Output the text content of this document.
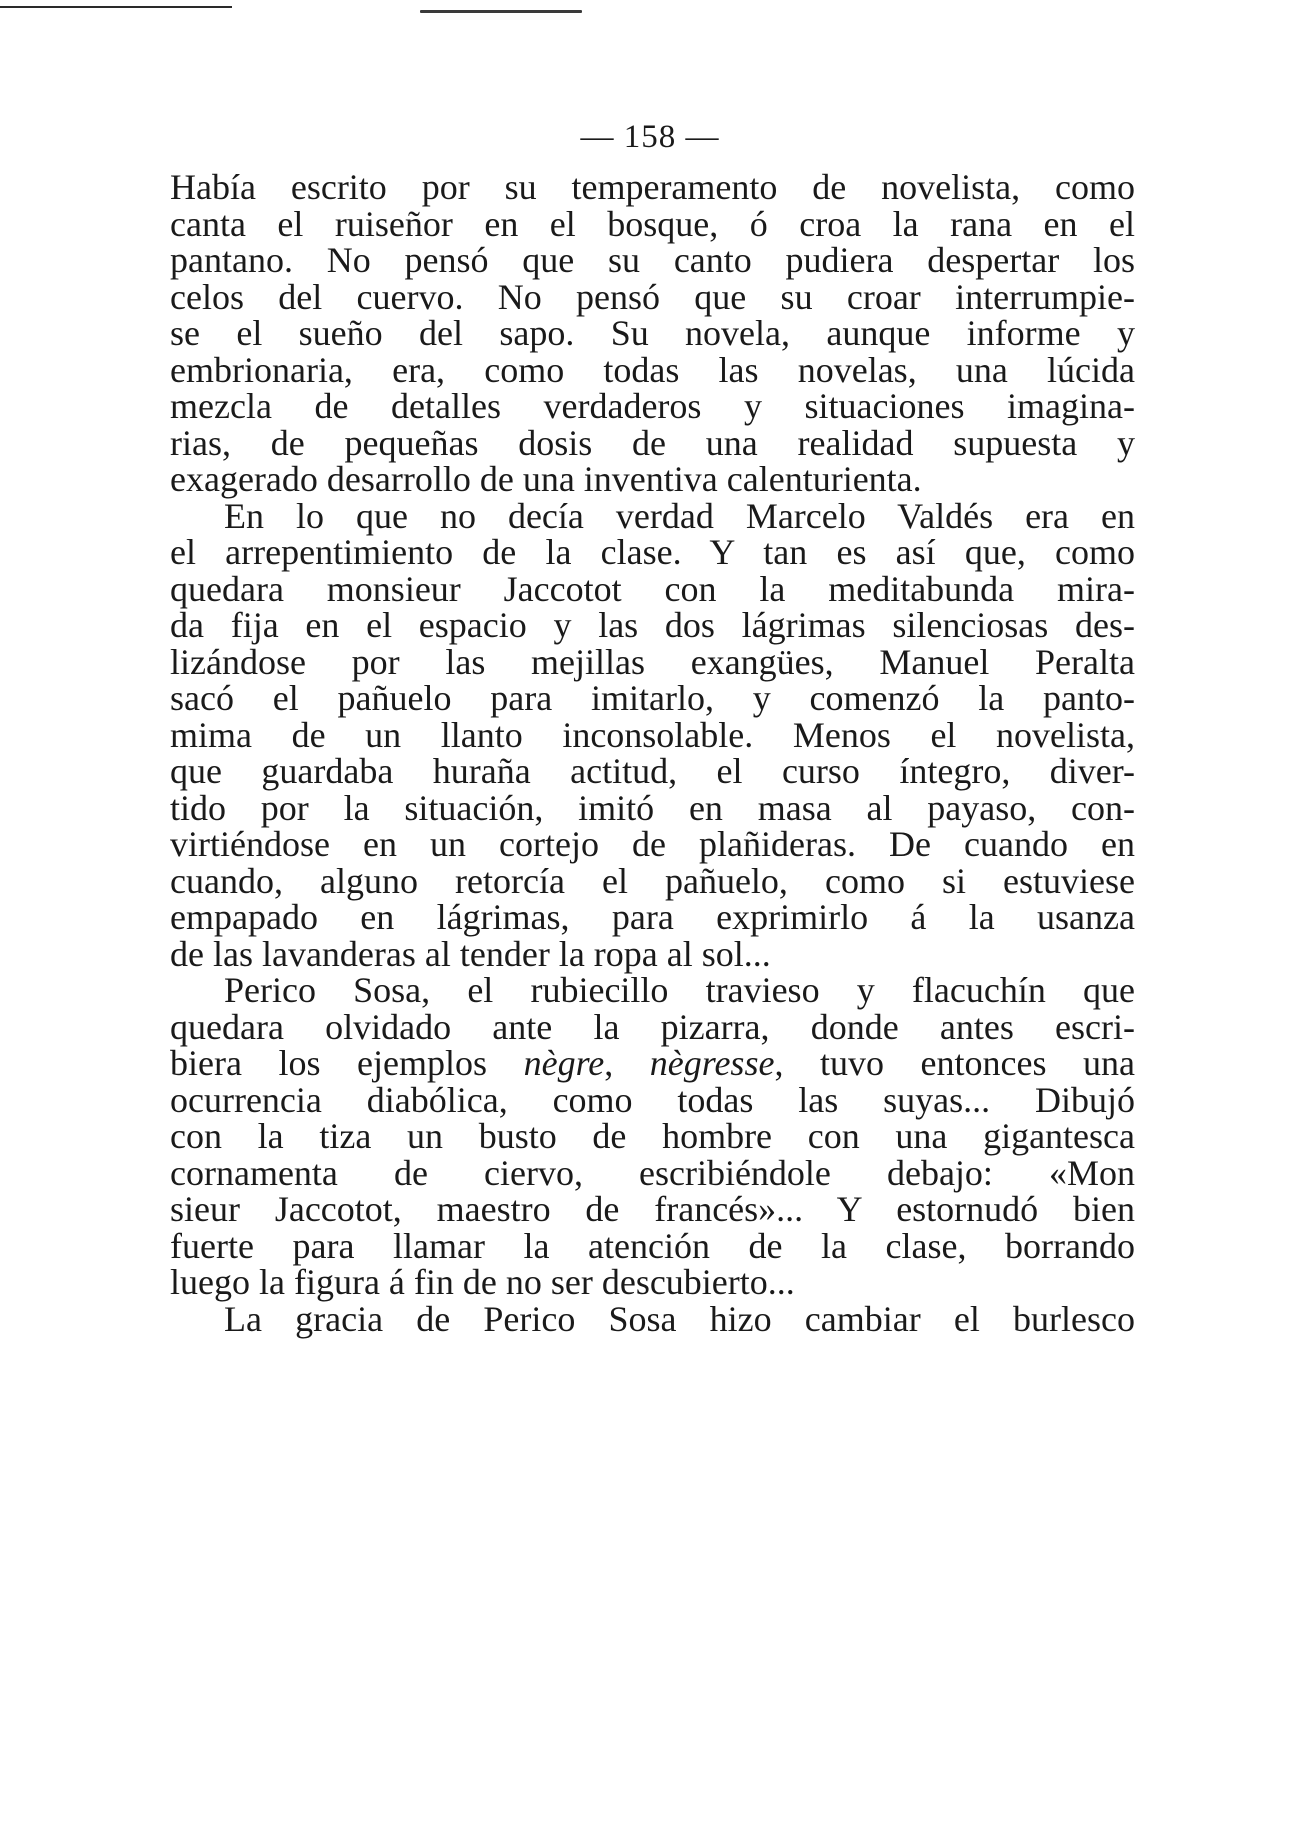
— 158 —
Había escrito por su temperamento de novelista, como
canta el ruiseñor en el bosque, ó croa la rana en el
pantano. No pensó que su canto pudiera despertar los
celos del cuervo. No pensó que su croar interrumpie-
se el sueño del sapo. Su novela, aunque informe y
embrionaria, era, como todas las novelas, una lúcida
mezcla de detalles verdaderos y situaciones imagina-
rias, de pequeñas dosis de una realidad supuesta y
exagerado desarrollo de una inventiva calenturienta.
En lo que no decía verdad Marcelo Valdés era en
el arrepentimiento de la clase. Y tan es así que, como
quedara monsieur Jaccotot con la meditabunda mira-
da fija en el espacio y las dos lágrimas silenciosas des-
lizándose por las mejillas exangües, Manuel Peralta
sacó el pañuelo para imitarlo, y comenzó la panto-
mima de un llanto inconsolable. Menos el novelista,
que guardaba huraña actitud, el curso íntegro, diver-
tido por la situación, imitó en masa al payaso, con-
virtiéndose en un cortejo de plañideras. De cuando en
cuando, alguno retorcía el pañuelo, como si estuviese
empapado en lágrimas, para exprimirlo á la usanza
de las lavanderas al tender la ropa al sol...
Perico Sosa, el rubiecillo travieso y flacuchín que
quedara olvidado ante la pizarra, donde antes escri-
biera los ejemplos nègre, nègresse, tuvo entonces una
ocurrencia diabólica, como todas las suyas... Dibujó
con la tiza un busto de hombre con una gigantesca
cornamenta de ciervo, escribiéndole debajo: «Mon
sieur Jaccotot, maestro de francés»... Y estornudó bien
fuerte para llamar la atención de la clase, borrando
luego la figura á fin de no ser descubierto...
La gracia de Perico Sosa hizo cambiar el burlesco
